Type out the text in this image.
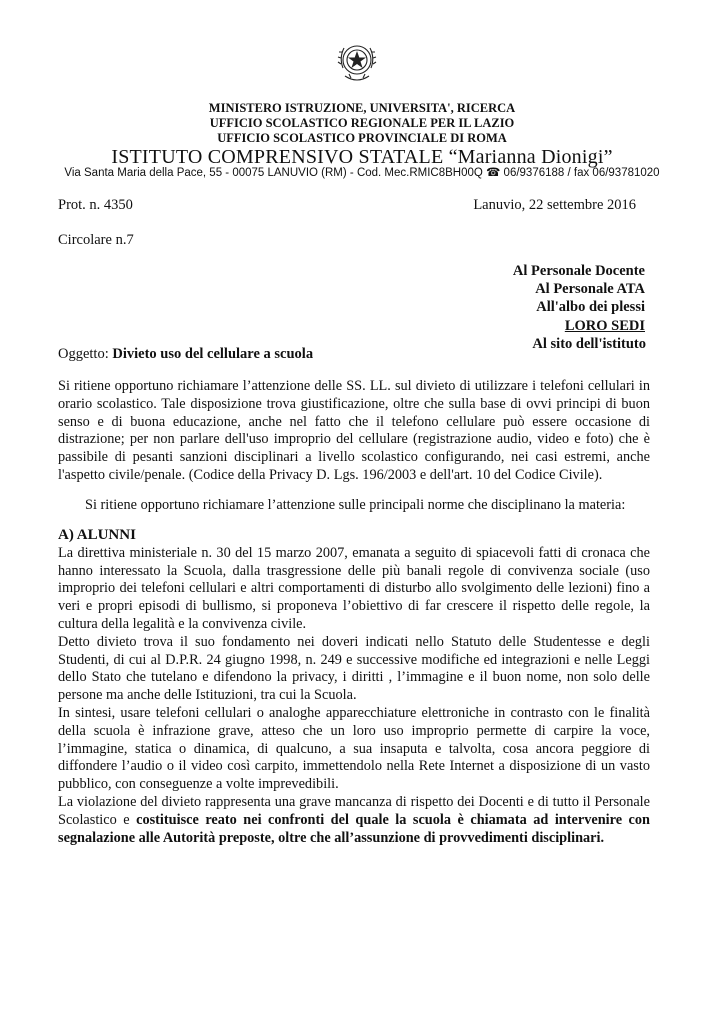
MINISTERO ISTRUZIONE, UNIVERSITA', RICERCA
UFFICIO SCOLASTICO REGIONALE PER IL LAZIO
UFFICIO SCOLASTICO PROVINCIALE DI ROMA
ISTITUTO COMPRENSIVO STATALE “Marianna Dionigi”
Via Santa Maria della Pace, 55 - 00075 LANUVIO (RM) - Cod. Mec.RMIC8BH00Q ☎ 06/9376188 / fax 06/93781020
Prot. n. 4350	Lanuvio, 22 settembre 2016
Circolare n.7
Al Personale Docente
Al Personale ATA
All'albo dei plessi
LORO SEDI
Al sito dell'istituto
Oggetto: Divieto uso del cellulare a scuola

Si ritiene opportuno richiamare l’attenzione delle SS. LL. sul divieto di utilizzare i telefoni cellulari in orario scolastico. Tale disposizione trova giustificazione, oltre che sulla base di ovvi principi di buon senso e di buona educazione, anche nel fatto che il telefono cellulare può essere occasione di distrazione; per non parlare dell'uso improprio del cellulare (registrazione audio, video e foto) che è passibile di pesanti sanzioni disciplinari a livello scolastico configurando, nei casi estremi, anche l'aspetto civile/penale. (Codice della Privacy D. Lgs. 196/2003 e dell'art. 10 del Codice Civile).

Si ritiene opportuno richiamare l’attenzione sulle principali norme che disciplinano la materia:

A) ALUNNI

La direttiva ministeriale n. 30 del 15 marzo 2007, emanata a seguito di spiacevoli fatti di cronaca che hanno interessato la Scuola, dalla trasgressione delle più banali regole di convivenza sociale (uso improprio dei telefoni cellulari e altri comportamenti di disturbo allo svolgimento delle lezioni) fino a veri e propri episodi di bullismo, si proponeva l’obiettivo di far crescere il rispetto delle regole, la cultura della legalità e la convivenza civile.

Detto divieto trova il suo fondamento nei doveri indicati nello Statuto delle Studentesse e degli Studenti, di cui al D.P.R. 24 giugno 1998, n. 249 e successive modifiche ed integrazioni e nelle Leggi dello Stato che tutelano e difendono la privacy, i diritti , l’immagine e il buon nome, non solo delle persone ma anche delle Istituzioni, tra cui la Scuola.

In sintesi, usare telefoni cellulari o analoghe apparecchiature elettroniche in contrasto con le finalità della scuola è infrazione grave, atteso che un loro uso improprio permette di carpire la voce, l’immagine, statica o dinamica, di qualcuno, a sua insaputa e talvolta, cosa ancora peggiore di diffondere l’audio o il video così carpito, immettendolo nella Rete Internet a disposizione di un vasto pubblico, con conseguenze a volte imprevedibili.

La violazione del divieto rappresenta una grave mancanza di rispetto dei Docenti e di tutto il Personale Scolastico e costituisce reato nei confronti del quale la scuola è chiamata ad intervenire con segnalazione alle Autorità preposte, oltre che all’assunzione di provvedimenti disciplinari.
